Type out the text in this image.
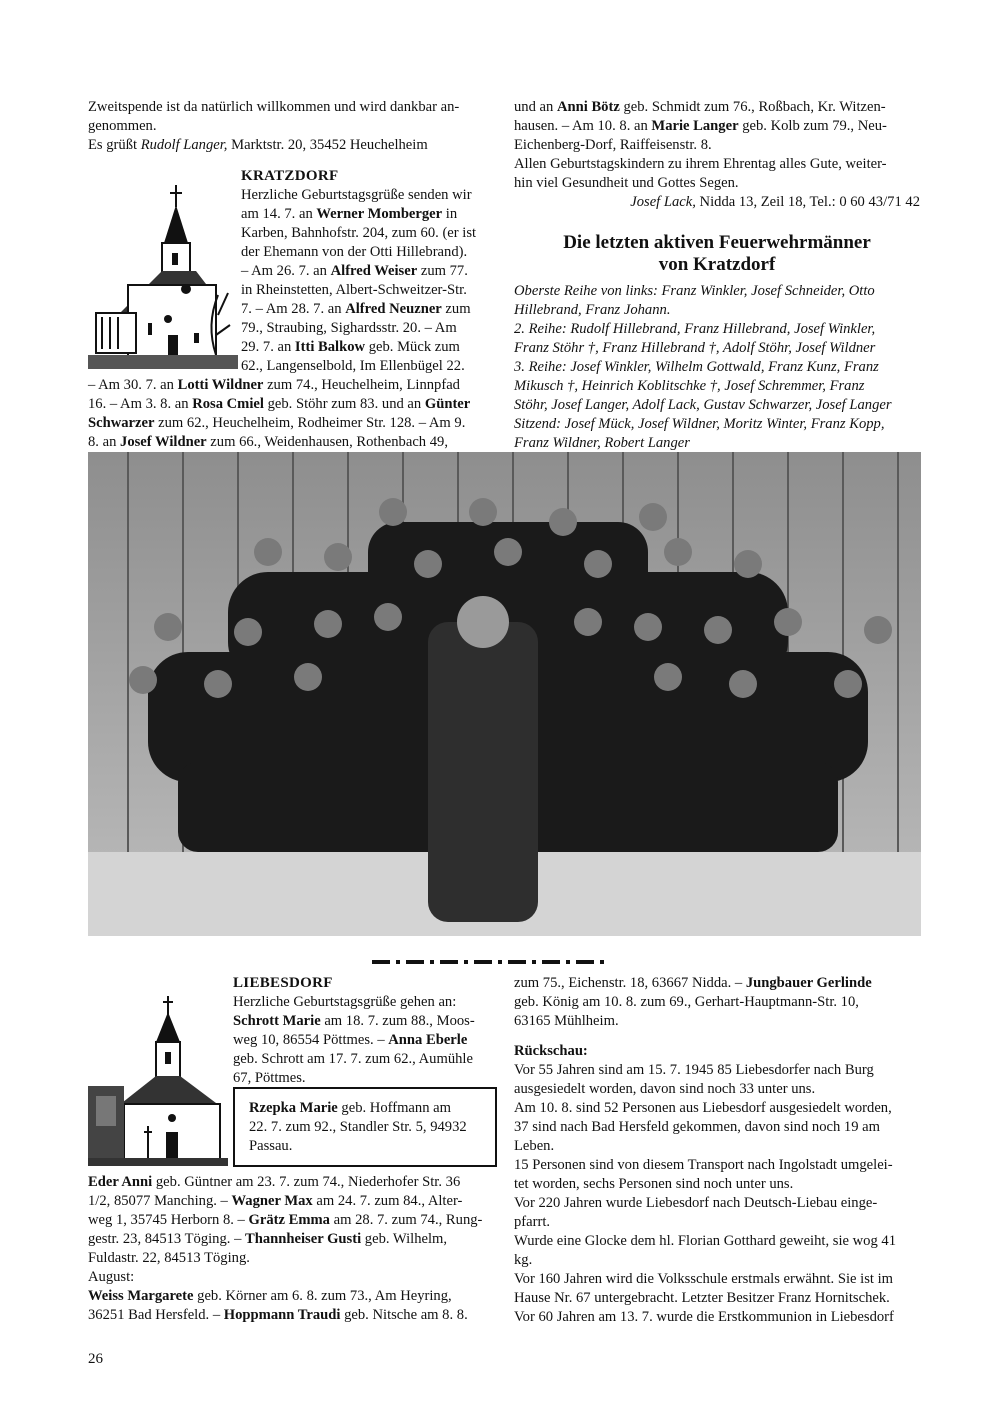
Zweitspende ist da natürlich willkommen und wird dankbar an-

genommen.

Es grüßt Rudolf Langer, Marktstr. 20, 35452 Heuchelheim

KRATZDORF

Herzliche Geburtstagsgrüße senden wir

am 14. 7. an Werner Momberger in

Karben, Bahnhofstr. 204, zum 60. (er ist

der Ehemann von der Otti Hillebrand).

– Am 26. 7. an Alfred Weiser zum 77.

in Rheinstetten, Albert-Schweitzer-Str.

7. – Am 28. 7. an Alfred Neuzner zum

79., Straubing, Sighardsstr. 20. – Am

29. 7. an Itti Balkow geb. Mück zum

62., Langenselbold, Im Ellenbügel 22.

– Am 30. 7. an Lotti Wildner zum 74., Heuchelheim, Linnpfad

16. – Am 3. 8. an Rosa Cmiel geb. Stöhr zum 83. und an Günter

Schwarzer zum 62., Heuchelheim, Rodheimer Str. 128. – Am 9.

8. an Josef Wildner zum 66., Weidenhausen, Rothenbach 49,

und an Anni Bötz geb. Schmidt zum 76., Roßbach, Kr. Witzen-

hausen. – Am 10. 8. an Marie Langer geb. Kolb zum 79., Neu-

Eichenberg-Dorf, Raiffeisenstr. 8.

Allen Geburtstagskindern zu ihrem Ehrentag alles Gute, weiter-

hin viel Gesundheit und Gottes Segen.

Josef Lack, Nidda 13, Zeil 18, Tel.: 0 60 43/71 42

Die letzten aktiven Feuerwehrmänner

von Kratzdorf

Oberste Reihe von links: Franz Winkler, Josef Schneider, Otto

Hillebrand, Franz Johann.

2. Reihe: Rudolf Hillebrand, Franz Hillebrand, Josef Winkler,

Franz Stöhr †, Franz Hillebrand †, Adolf Stöhr, Josef Wildner

3. Reihe: Josef Winkler, Wilhelm Gottwald, Franz Kunz, Franz

Mikusch †, Heinrich Koblitschke †, Josef Schremmer, Franz

Stöhr, Josef Langer, Adolf Lack, Gustav Schwarzer, Josef Langer

Sitzend: Josef Mück, Josef Wildner, Moritz Winter, Franz Kopp,

Franz Wildner, Robert Langer

LIEBESDORF

Herzliche Geburtstagsgrüße gehen an:

Schrott Marie am 18. 7. zum 88., Moos-

weg 10, 86554 Pöttmes. – Anna Eberle

geb. Schrott am 17. 7. zum 62., Aumühle

67, Pöttmes.

Rzepka Marie geb. Hoffmann am

22. 7. zum 92., Standler Str. 5, 94932

Passau.

Eder Anni geb. Güntner am 23. 7. zum 74., Niederhofer Str. 36

1/2, 85077 Manching. – Wagner Max am 24. 7. zum 84., Alter-

weg 1, 35745 Herborn 8. – Grätz Emma am 28. 7. zum 74., Rung-

gestr. 23, 84513 Töging. – Thannheiser Gusti geb. Wilhelm,

Fuldastr. 22, 84513 Töging.

August:

Weiss Margarete geb. Körner am 6. 8. zum 73., Am Heyring,

36251 Bad Hersfeld. – Hoppmann Traudi geb. Nitsche am 8. 8.

zum 75., Eichenstr. 18, 63667 Nidda. – Jungbauer Gerlinde

geb. König am 10. 8. zum 69., Gerhart-Hauptmann-Str. 10,

63165 Mühlheim.

Rückschau:

Vor 55 Jahren sind am 15. 7. 1945 85 Liebesdorfer nach Burg

ausgesiedelt worden, davon sind noch 33 unter uns.

Am 10. 8. sind 52 Personen aus Liebesdorf ausgesiedelt worden,

37 sind nach Bad Hersfeld gekommen, davon sind noch 19 am

Leben.

15 Personen sind von diesem Transport nach Ingolstadt umgelei-

tet worden, sechs Personen sind noch unter uns.

Vor 220 Jahren wurde Liebesdorf nach Deutsch-Liebau einge-

pfarrt.

Wurde eine Glocke dem hl. Florian Gotthard geweiht, sie wog 41

kg.

Vor 160 Jahren wird die Volksschule erstmals erwähnt. Sie ist im

Hause Nr. 67 untergebracht. Letzter Besitzer Franz Hornitschek.

Vor 60 Jahren am 13. 7. wurde die Erstkommunion in Liebesdorf

26
